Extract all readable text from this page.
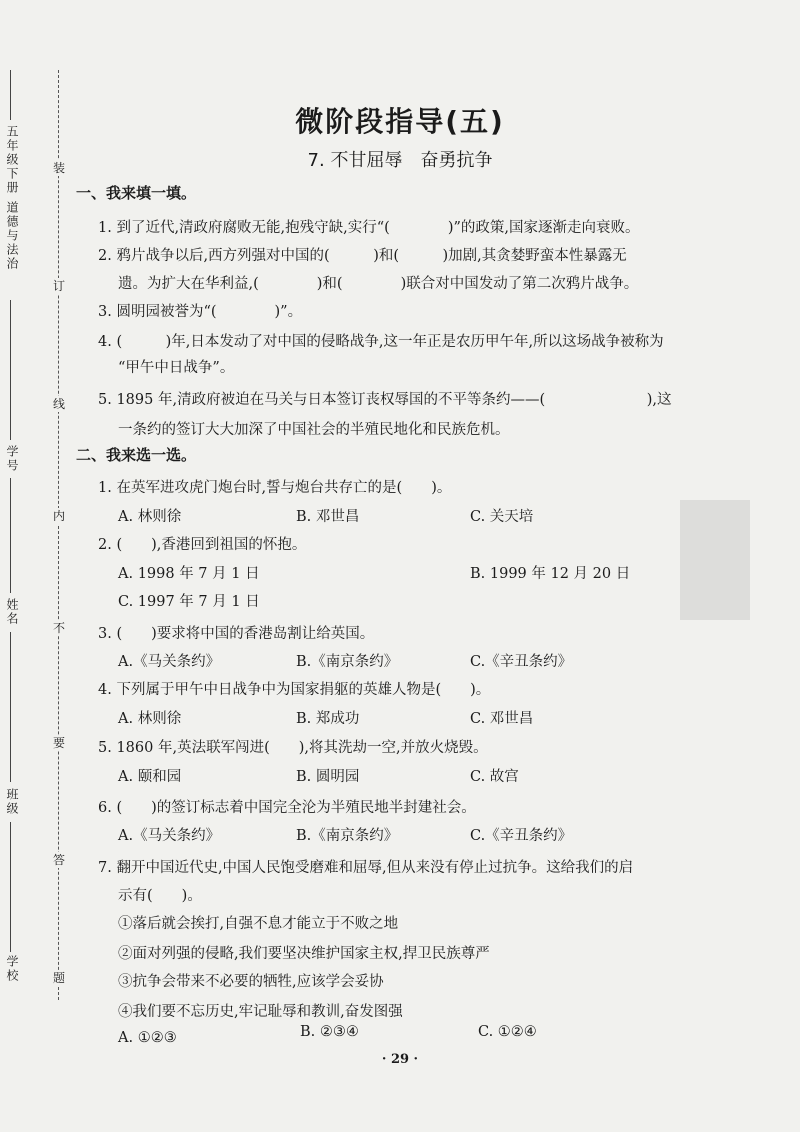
装
订
线
内
不
要
答
题
五年级下册 道德与法治
学号
姓名
班级
学校
微阶段指导(五)
7. 不甘屈辱　奋勇抗争
一、我来填一填。
1. 到了近代,清政府腐败无能,抱残守缺,实行“(　　　　)”的政策,国家逐渐走向衰败。
2. 鸦片战争以后,西方列强对中国的(　　　)和(　　　)加剧,其贪婪野蛮本性暴露无
遗。为扩大在华利益,(　　　　)和(　　　　)联合对中国发动了第二次鸦片战争。
3. 圆明园被誉为“(　　　　)”。
4. (　　　)年,日本发动了对中国的侵略战争,这一年正是农历甲午年,所以这场战争被称为
“甲午中日战争”。
5. 1895 年,清政府被迫在马关与日本签订丧权辱国的不平等条约——(　　　　　　　),这
一条约的签订大大加深了中国社会的半殖民地化和民族危机。
二、我来选一选。
1. 在英军进攻虎门炮台时,誓与炮台共存亡的是(　　)。
A. 林则徐	B. 邓世昌	C. 关天培
2. (　　),香港回到祖国的怀抱。
A. 1998 年 7 月 1 日	B. 1999 年 12 月 20 日
C. 1997 年 7 月 1 日
3. (　　)要求将中国的香港岛割让给英国。
A.《马关条约》	B.《南京条约》	C.《辛丑条约》
4. 下列属于甲午中日战争中为国家捐躯的英雄人物是(　　)。
A. 林则徐	B. 郑成功	C. 邓世昌
5. 1860 年,英法联军闯进(　　),将其洗劫一空,并放火烧毁。
A. 颐和园	B. 圆明园	C. 故宫
6. (　　)的签订标志着中国完全沦为半殖民地半封建社会。
A.《马关条约》	B.《南京条约》	C.《辛丑条约》
7. 翻开中国近代史,中国人民饱受磨难和屈辱,但从来没有停止过抗争。这给我们的启
示有(　　)。
①落后就会挨打,自强不息才能立于不败之地
②面对列强的侵略,我们要坚决维护国家主权,捍卫民族尊严
③抗争会带来不必要的牺牲,应该学会妥协
④我们要不忘历史,牢记耻辱和教训,奋发图强
A. ①②③	B. ②③④	C. ①②④
· 29 ·
